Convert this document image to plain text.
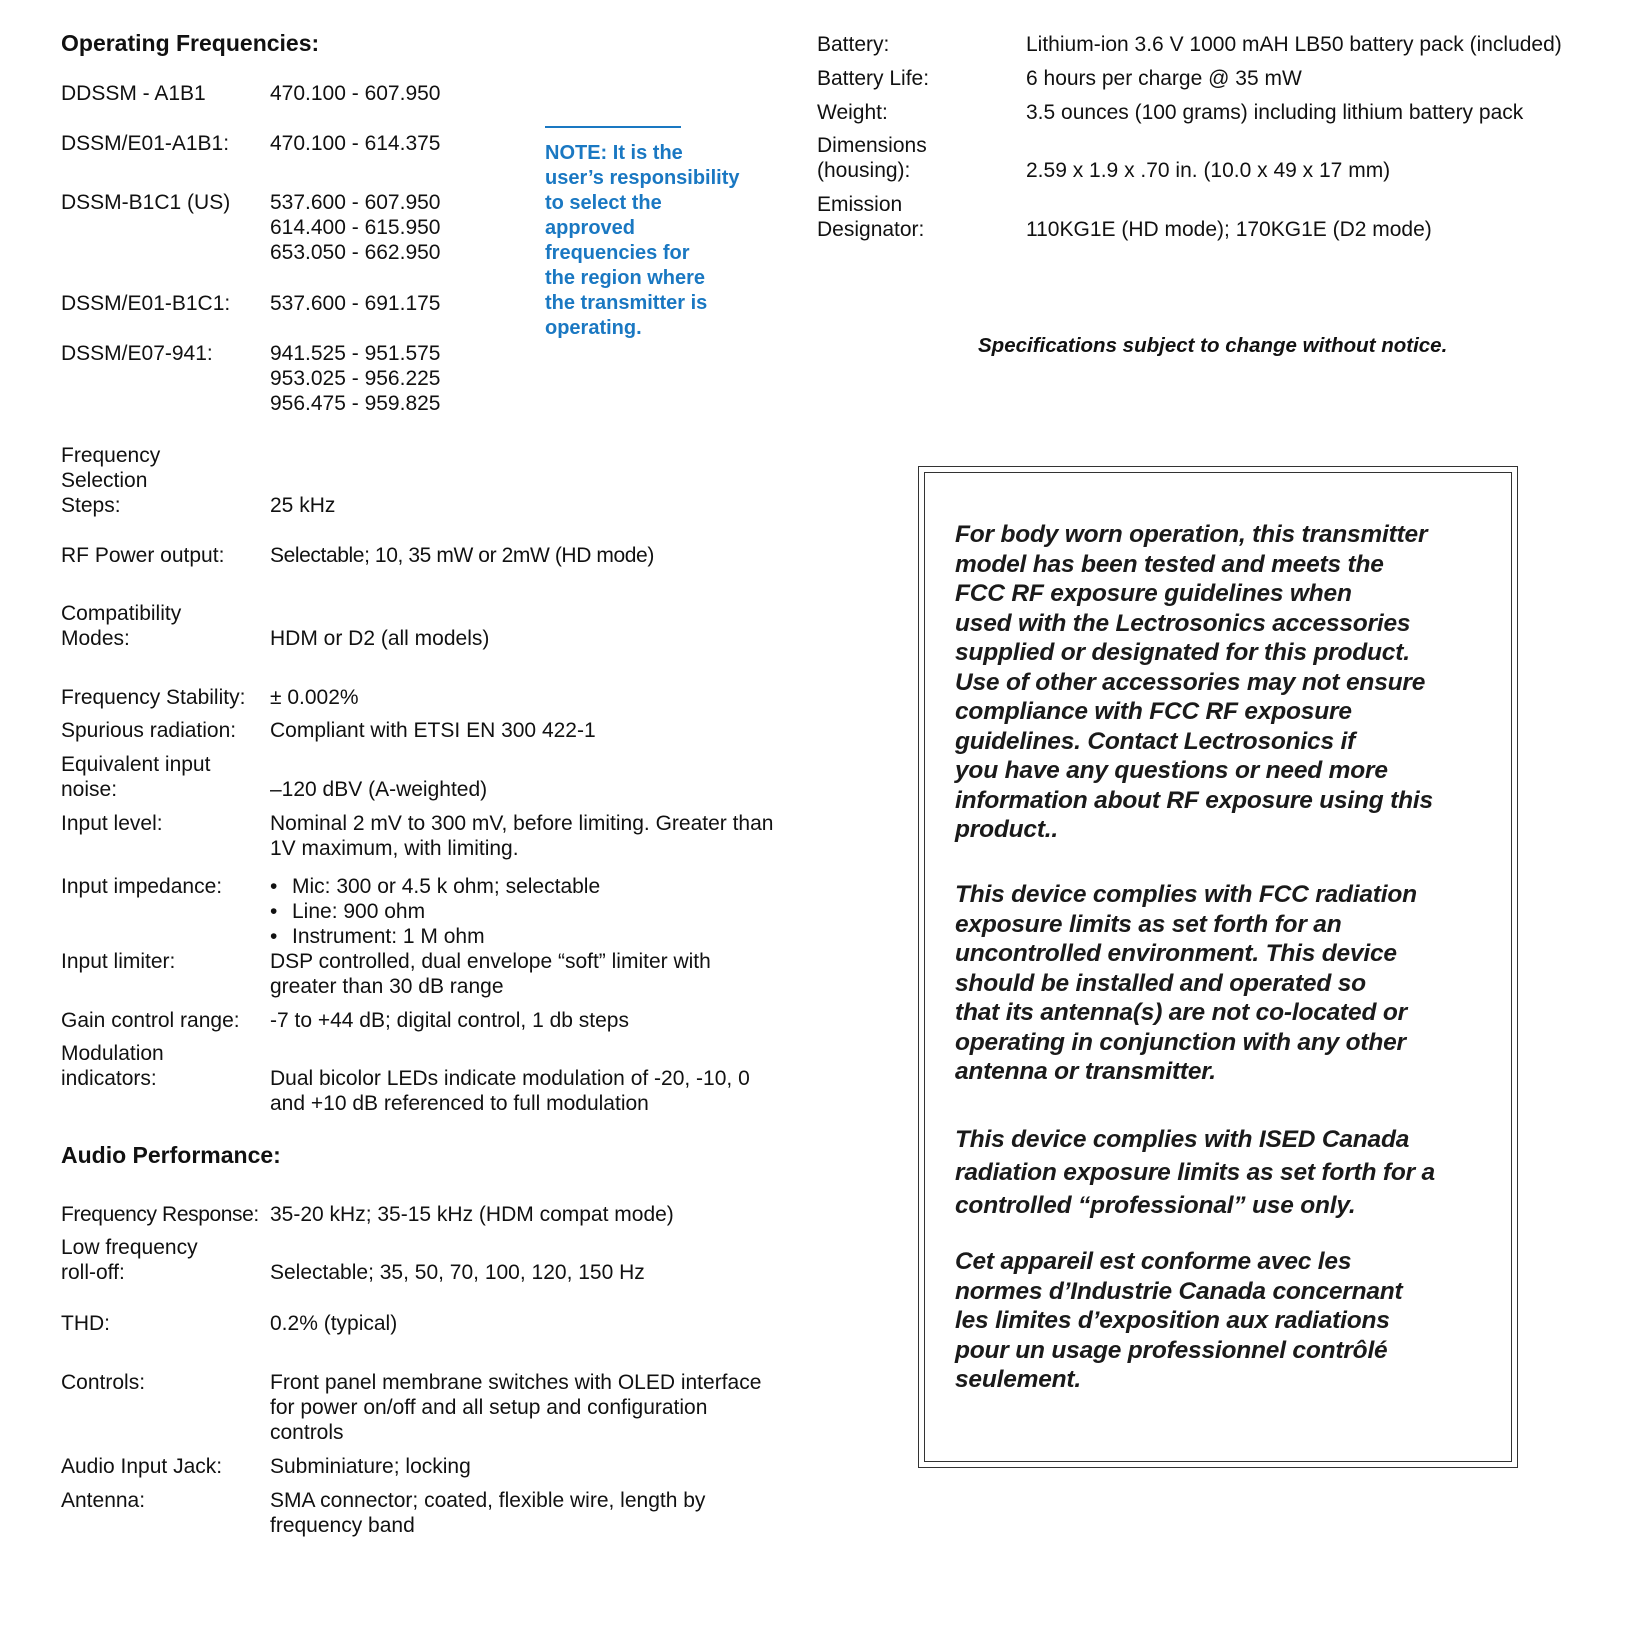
Operating Frequencies:
DDSSM - A1B1	470.100 - 607.950
DSSM/E01-A1B1: 470.100 - 614.375
DSSM-B1C1 (US) 537.600 - 607.950
614.400 - 615.950
653.050 - 662.950
DSSM/E01-B1C1: 537.600 - 691.175
DSSM/E07-941:	941.525 - 951.575
953.025 - 956.225
956.475 - 959.825
NOTE: It is the
user’s responsibility
to select the
approved
frequencies for
the region where
the transmitter is
operating.
Frequency
Selection
Steps:	25 kHz
RF Power output: Selectable; 10, 35 mW or 2mW (HD mode)
Compatibility
Modes:	HDM or D2 (all models)
Frequency Stability: ± 0.002%
Spurious radiation: Compliant with ETSI EN 300 422-1
Equivalent input
noise:	–120 dBV (A-weighted)
Input level:	Nominal 2 mV to 300 mV, before limiting. Greater than
1V maximum, with limiting.
Input impedance:
•	Mic: 300 or 4.5 k ohm; selectable
• Line: 900 ohm
• Instrument: 1 M ohm
Input limiter:	DSP controlled, dual envelope “soft” limiter with
greater than 30 dB range
Gain control range: -7 to +44 dB; digital control, 1 db steps
Modulation
indicators:	Dual bicolor LEDs indicate modulation of -20, -10, 0
and +10 dB referenced to full modulation
Audio Performance:
Frequency Response: 35-20 kHz; 35-15 kHz (HDM compat mode)
Low frequency
roll-off:	Selectable; 35, 50, 70, 100, 120, 150 Hz
THD:	0.2% (typical)
Controls:	Front panel membrane switches with OLED interface
for power on/off and all setup and configuration
controls
Audio Input Jack: Subminiature; locking
Antenna:	SMA connector; coated, flexible wire, length by
frequency band
Battery:	Lithium-ion 3.6 V 1000 mAH LB50 battery pack (included)
Battery Life:	6 hours per charge @ 35 mW
Weight:	3.5 ounces (100 grams) including lithium battery pack
Dimensions
(housing):	2.59 x 1.9 x .70 in. (10.0 x 49 x 17 mm)
Emission
Designator:	110KG1E (HD mode); 170KG1E (D2 mode)
Specifications subject to change without notice.
For body worn operation, this transmitter
model has been tested and meets the
FCC RF exposure guidelines when
used with the Lectrosonics accessories
supplied or designated for this product.
Use of other accessories may not ensure
compliance with FCC RF exposure
guidelines. Contact Lectrosonics if
you have any questions or need more
information about RF exposure using this
product..
This device complies with FCC radiation
exposure limits as set forth for an
uncontrolled environment. This device
should be installed and operated so
that its antenna(s) are not co-located or
operating in conjunction with any other
antenna or transmitter.
This device complies with ISED Canada
radiation exposure limits as set forth for a
controlled “professional” use only.
Cet appareil est conforme avec les
normes d’Industrie Canada concernant
les limites d’exposition aux radiations
pour un usage professionnel contrôlé
seulement.
